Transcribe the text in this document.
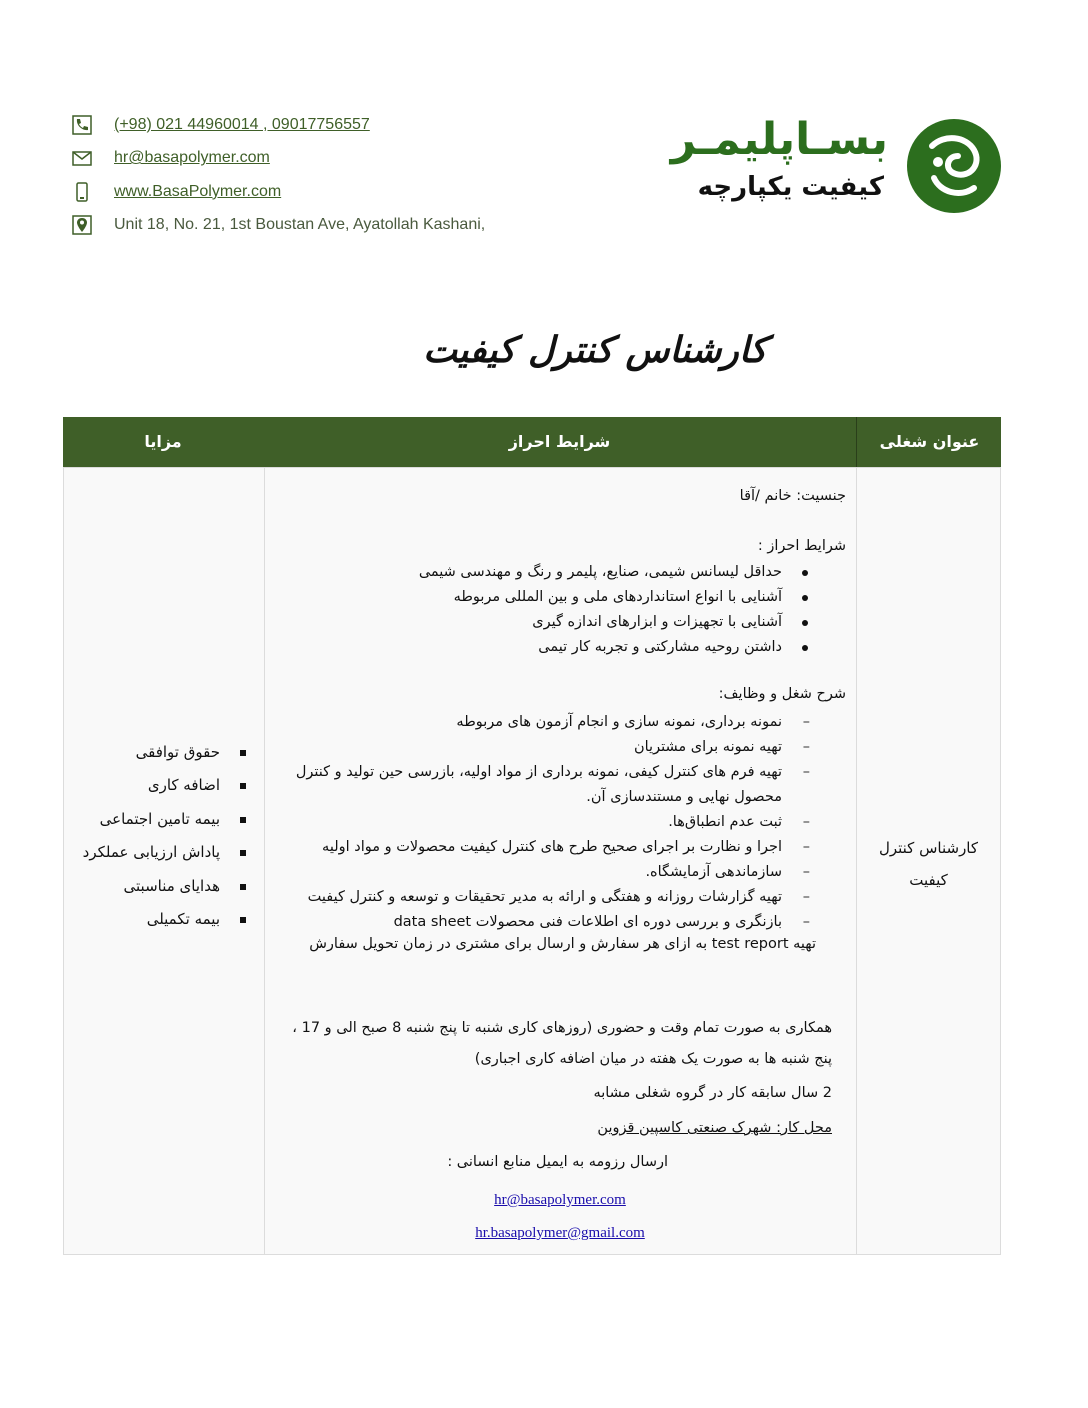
(+98) 021 44960014 , 09017756557
hr@basapolymer.com
www.BasaPolymer.com
Unit 18, No. 21, 1st Boustan Ave, Ayatollah Kashani,
بسـاپلیمـر
کیفیت یکپارچه
کارشناس کنترل کیفیت
عنوان شغلی
شرایط احراز
مزایا
کارشناس کنترل
کیفیت
جنسیت: خانم /آقا
شرایط احراز :
حداقل لیسانس شیمی، صنایع، پلیمر و رنگ و مهندسی شیمی
آشنایی با انواع استانداردهای ملی و بین المللی مربوطه
آشنایی با تجهیزات و ابزارهای اندازه گیری
داشتن روحیه مشارکتی و تجربه کار تیمی
شرح شغل و وظایف:
– نمونه برداری، نمونه سازی و انجام آزمون های مربوطه
– تهیه نمونه برای مشتریان
– تهیه فرم های کنترل کیفی، نمونه برداری از مواد اولیه، بازرسی حین تولید و کنترل محصول نهایی و مستندسازی آن.
– ثبت عدم انطباق‌ها.
– اجرا و نظارت بر اجرای صحیح طرح های کنترل کیفیت محصولات و مواد اولیه
– سازماندهی آزمایشگاه.
– تهیه گزارشات روزانه و هفتگی و ارائه به مدیر تحقیقات و توسعه و کنترل کیفیت
– بازنگری و بررسی دوره ای اطلاعات فنی محصولات data sheet
تهیه test report به ازای هر سفارش و ارسال برای مشتری در زمان تحویل سفارش
همکاری به صورت تمام وقت و حضوری (روزهای کاری شنبه تا پنج شنبه 8 صبح الی و 17 ،
پنج شنبه ها به صورت یک هفته در میان اضافه کاری اجباری)
2 سال سابقه کار در گروه شغلی مشابه
محل کار: شهرک صنعتی کاسپین قزوین
ارسال رزومه به ایمیل منابع انسانی :
hr@basapolymer.com
hr.basapolymer@gmail.com
حقوق توافقی
اضافه کاری
بیمه تامین اجتماعی
پاداش ارزیابی عملکرد
هدایای مناسبتی
بیمه تکمیلی
